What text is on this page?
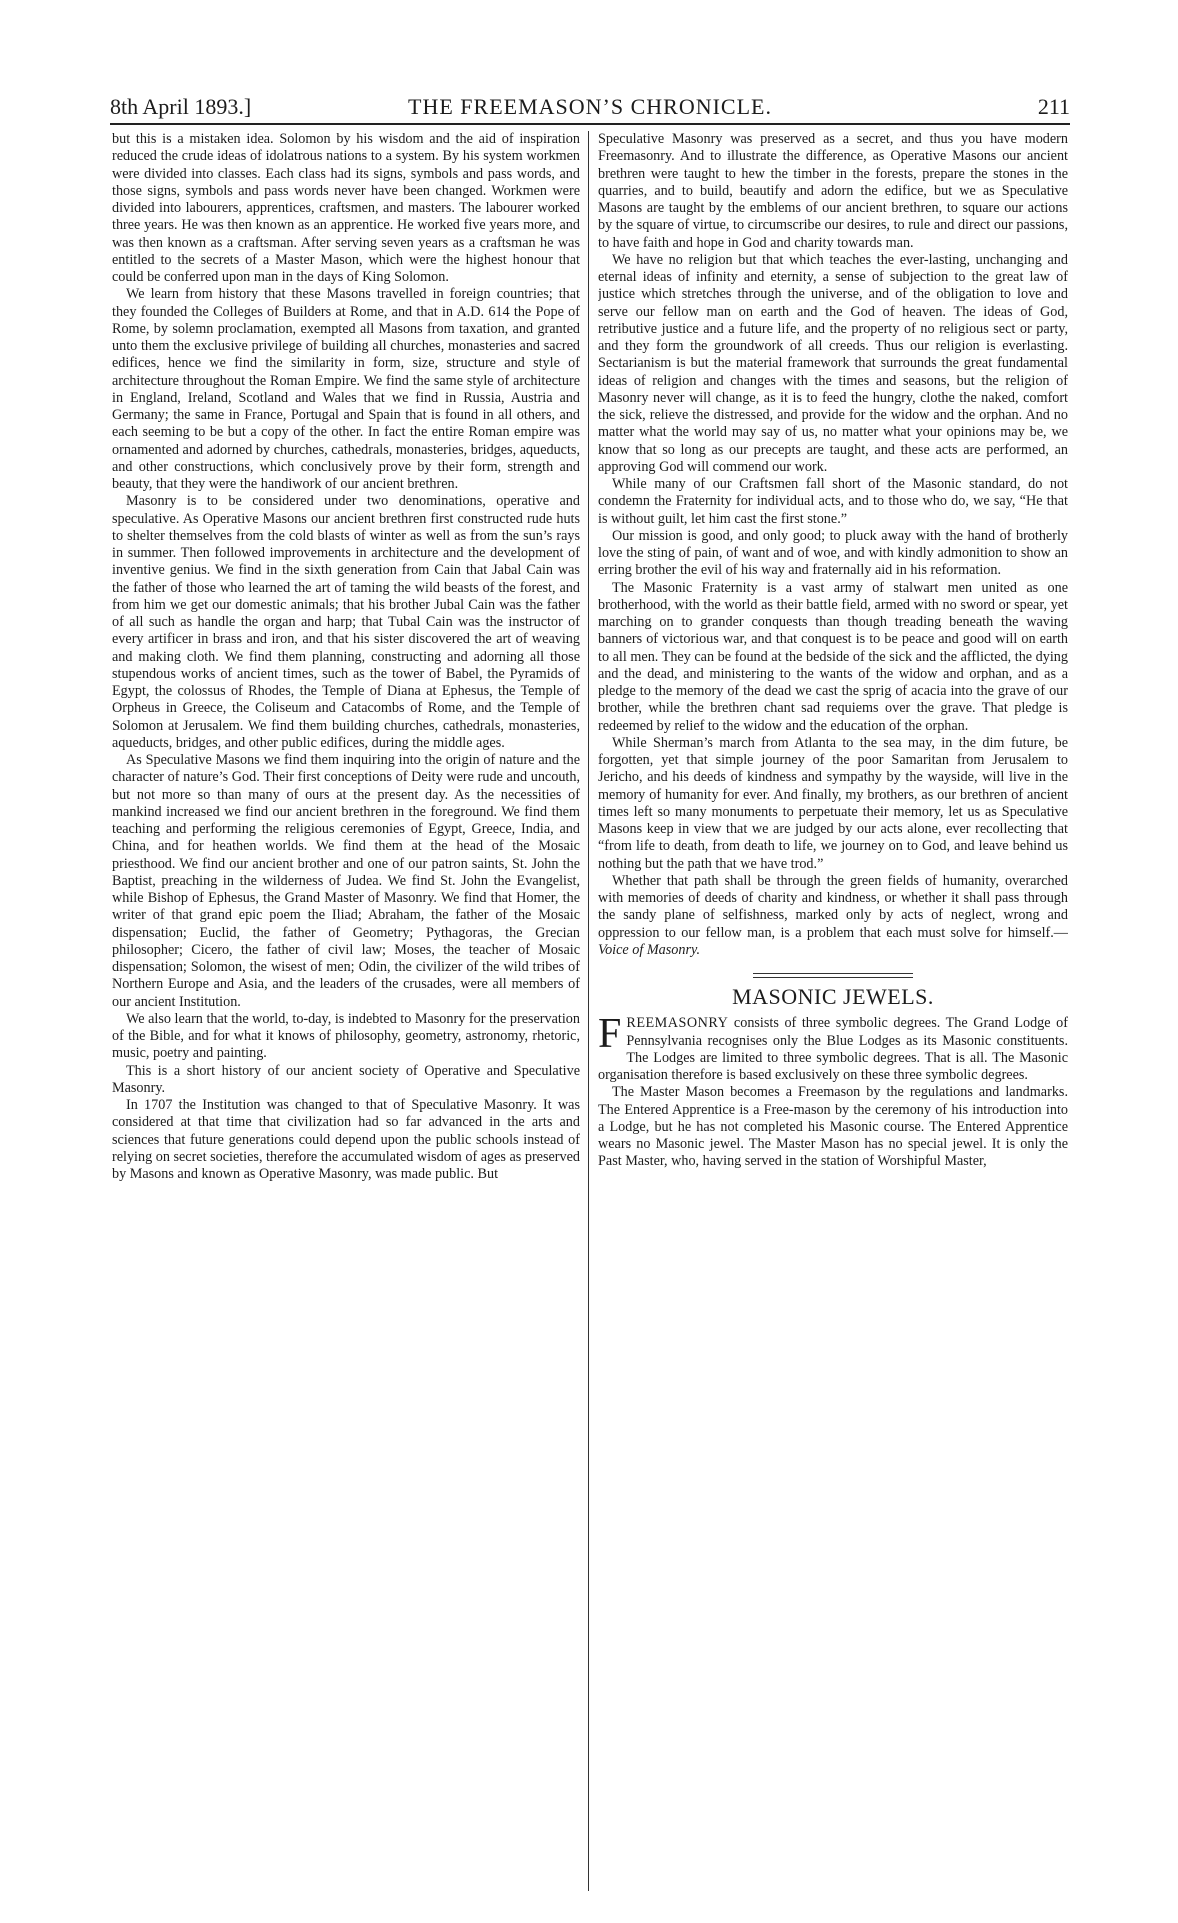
8th April 1893.]	THE FREEMASON’S CHRONICLE.	211

but this is a mistaken idea. Solomon by his wisdom and the aid of inspiration reduced the crude ideas of idolatrous nations to a system. By his system workmen were divided into classes. Each class had its signs, symbols and pass words, and those signs, symbols and pass words never have been changed. Workmen were divided into labourers, apprentices, craftsmen, and masters. The labourer worked three years. He was then known as an apprentice. He worked five years more, and was then known as a craftsman. After serving seven years as a craftsman he was entitled to the secrets of a Master Mason, which were the highest honour that could be conferred upon man in the days of King Solomon.

We learn from history that these Masons travelled in foreign countries; that they founded the Colleges of Builders at Rome, and that in A.D. 614 the Pope of Rome, by solemn proclamation, exempted all Masons from taxation, and granted unto them the exclusive privilege of building all churches, monasteries and sacred edifices, hence we find the similarity in form, size, structure and style of architecture throughout the Roman Empire. We find the same style of architecture in England, Ireland, Scotland and Wales that we find in Russia, Austria and Germany; the same in France, Portugal and Spain that is found in all others, and each seeming to be but a copy of the other. In fact the entire Roman empire was ornamented and adorned by churches, cathedrals, monasteries, bridges, aqueducts, and other constructions, which conclusively prove by their form, strength and beauty, that they were the handiwork of our ancient brethren.

Masonry is to be considered under two denominations, operative and speculative. As Operative Masons our ancient brethren first constructed rude huts to shelter themselves from the cold blasts of winter as well as from the sun’s rays in summer. Then followed improvements in architecture and the development of inventive genius. We find in the sixth generation from Cain that Jabal Cain was the father of those who learned the art of taming the wild beasts of the forest, and from him we get our domestic animals; that his brother Jubal Cain was the father of all such as handle the organ and harp; that Tubal Cain was the instructor of every artificer in brass and iron, and that his sister discovered the art of weaving and making cloth. We find them planning, constructing and adorning all those stupendous works of ancient times, such as the tower of Babel, the Pyramids of Egypt, the colossus of Rhodes, the Temple of Diana at Ephesus, the Temple of Orpheus in Greece, the Coliseum and Catacombs of Rome, and the Temple of Solomon at Jerusalem. We find them building churches, cathedrals, monasteries, aqueducts, bridges, and other public edifices, during the middle ages.

As Speculative Masons we find them inquiring into the origin of nature and the character of nature’s God. Their first conceptions of Deity were rude and uncouth, but not more so than many of ours at the present day. As the necessities of mankind increased we find our ancient brethren in the foreground. We find them teaching and performing the religious ceremonies of Egypt, Greece, India, and China, and for heathen worlds. We find them at the head of the Mosaic priesthood. We find our ancient brother and one of our patron saints, St. John the Baptist, preaching in the wilderness of Judea. We find St. John the Evangelist, while Bishop of Ephesus, the Grand Master of Masonry. We find that Homer, the writer of that grand epic poem the Iliad; Abraham, the father of the Mosaic dispensation; Euclid, the father of Geometry; Pythagoras, the Grecian philosopher; Cicero, the father of civil law; Moses, the teacher of Mosaic dispensation; Solomon, the wisest of men; Odin, the civilizer of the wild tribes of Northern Europe and Asia, and the leaders of the crusades, were all members of our ancient Institution.

We also learn that the world, to-day, is indebted to Masonry for the preservation of the Bible, and for what it knows of philosophy, geometry, astronomy, rhetoric, music, poetry and painting.

This is a short history of our ancient society of Operative and Speculative Masonry.

In 1707 the Institution was changed to that of Speculative Masonry. It was considered at that time that civilization had so far advanced in the arts and sciences that future generations could depend upon the public schools instead of relying on secret societies, therefore the accumulated wisdom of ages as preserved by Masons and known as Operative Masonry, was made public. But

Speculative Masonry was preserved as a secret, and thus you have modern Freemasonry. And to illustrate the difference, as Operative Masons our ancient brethren were taught to hew the timber in the forests, prepare the stones in the quarries, and to build, beautify and adorn the edifice, but we as Speculative Masons are taught by the emblems of our ancient brethren, to square our actions by the square of virtue, to circumscribe our desires, to rule and direct our passions, to have faith and hope in God and charity towards man.

We have no religion but that which teaches the ever-lasting, unchanging and eternal ideas of infinity and eternity, a sense of subjection to the great law of justice which stretches through the universe, and of the obligation to love and serve our fellow man on earth and the God of heaven. The ideas of God, retributive justice and a future life, and the property of no religious sect or party, and they form the groundwork of all creeds. Thus our religion is everlasting. Sectarianism is but the material framework that surrounds the great fundamental ideas of religion and changes with the times and seasons, but the religion of Masonry never will change, as it is to feed the hungry, clothe the naked, comfort the sick, relieve the distressed, and provide for the widow and the orphan. And no matter what the world may say of us, no matter what your opinions may be, we know that so long as our precepts are taught, and these acts are performed, an approving God will commend our work.

While many of our Craftsmen fall short of the Masonic standard, do not condemn the Fraternity for individual acts, and to those who do, we say, “He that is without guilt, let him cast the first stone.”

Our mission is good, and only good; to pluck away with the hand of brotherly love the sting of pain, of want and of woe, and with kindly admonition to show an erring brother the evil of his way and fraternally aid in his reformation.

The Masonic Fraternity is a vast army of stalwart men united as one brotherhood, with the world as their battle field, armed with no sword or spear, yet marching on to grander conquests than though treading beneath the waving banners of victorious war, and that conquest is to be peace and good will on earth to all men. They can be found at the bedside of the sick and the afflicted, the dying and the dead, and ministering to the wants of the widow and orphan, and as a pledge to the memory of the dead we cast the sprig of acacia into the grave of our brother, while the brethren chant sad requiems over the grave. That pledge is redeemed by relief to the widow and the education of the orphan.

While Sherman’s march from Atlanta to the sea may, in the dim future, be forgotten, yet that simple journey of the poor Samaritan from Jerusalem to Jericho, and his deeds of kindness and sympathy by the wayside, will live in the memory of humanity for ever. And finally, my brothers, as our brethren of ancient times left so many monuments to perpetuate their memory, let us as Speculative Masons keep in view that we are judged by our acts alone, ever recollecting that “from life to death, from death to life, we journey on to God, and leave behind us nothing but the path that we have trod.”

Whether that path shall be through the green fields of humanity, overarched with memories of deeds of charity and kindness, or whether it shall pass through the sandy plane of selfishness, marked only by acts of neglect, wrong and oppression to our fellow man, is a problem that each must solve for himself.—Voice of Masonry.

MASONIC JEWELS.

FREEMASONRY consists of three symbolic degrees. The Grand Lodge of Pennsylvania recognises only the Blue Lodges as its Masonic constituents. The Lodges are limited to three symbolic degrees. That is all. The Masonic organisation therefore is based exclusively on these three symbolic degrees.

The Master Mason becomes a Freemason by the regulations and landmarks. The Entered Apprentice is a Free-mason by the ceremony of his introduction into a Lodge, but he has not completed his Masonic course. The Entered Apprentice wears no Masonic jewel. The Master Mason has no special jewel. It is only the Past Master, who, having served in the station of Worshipful Master,
